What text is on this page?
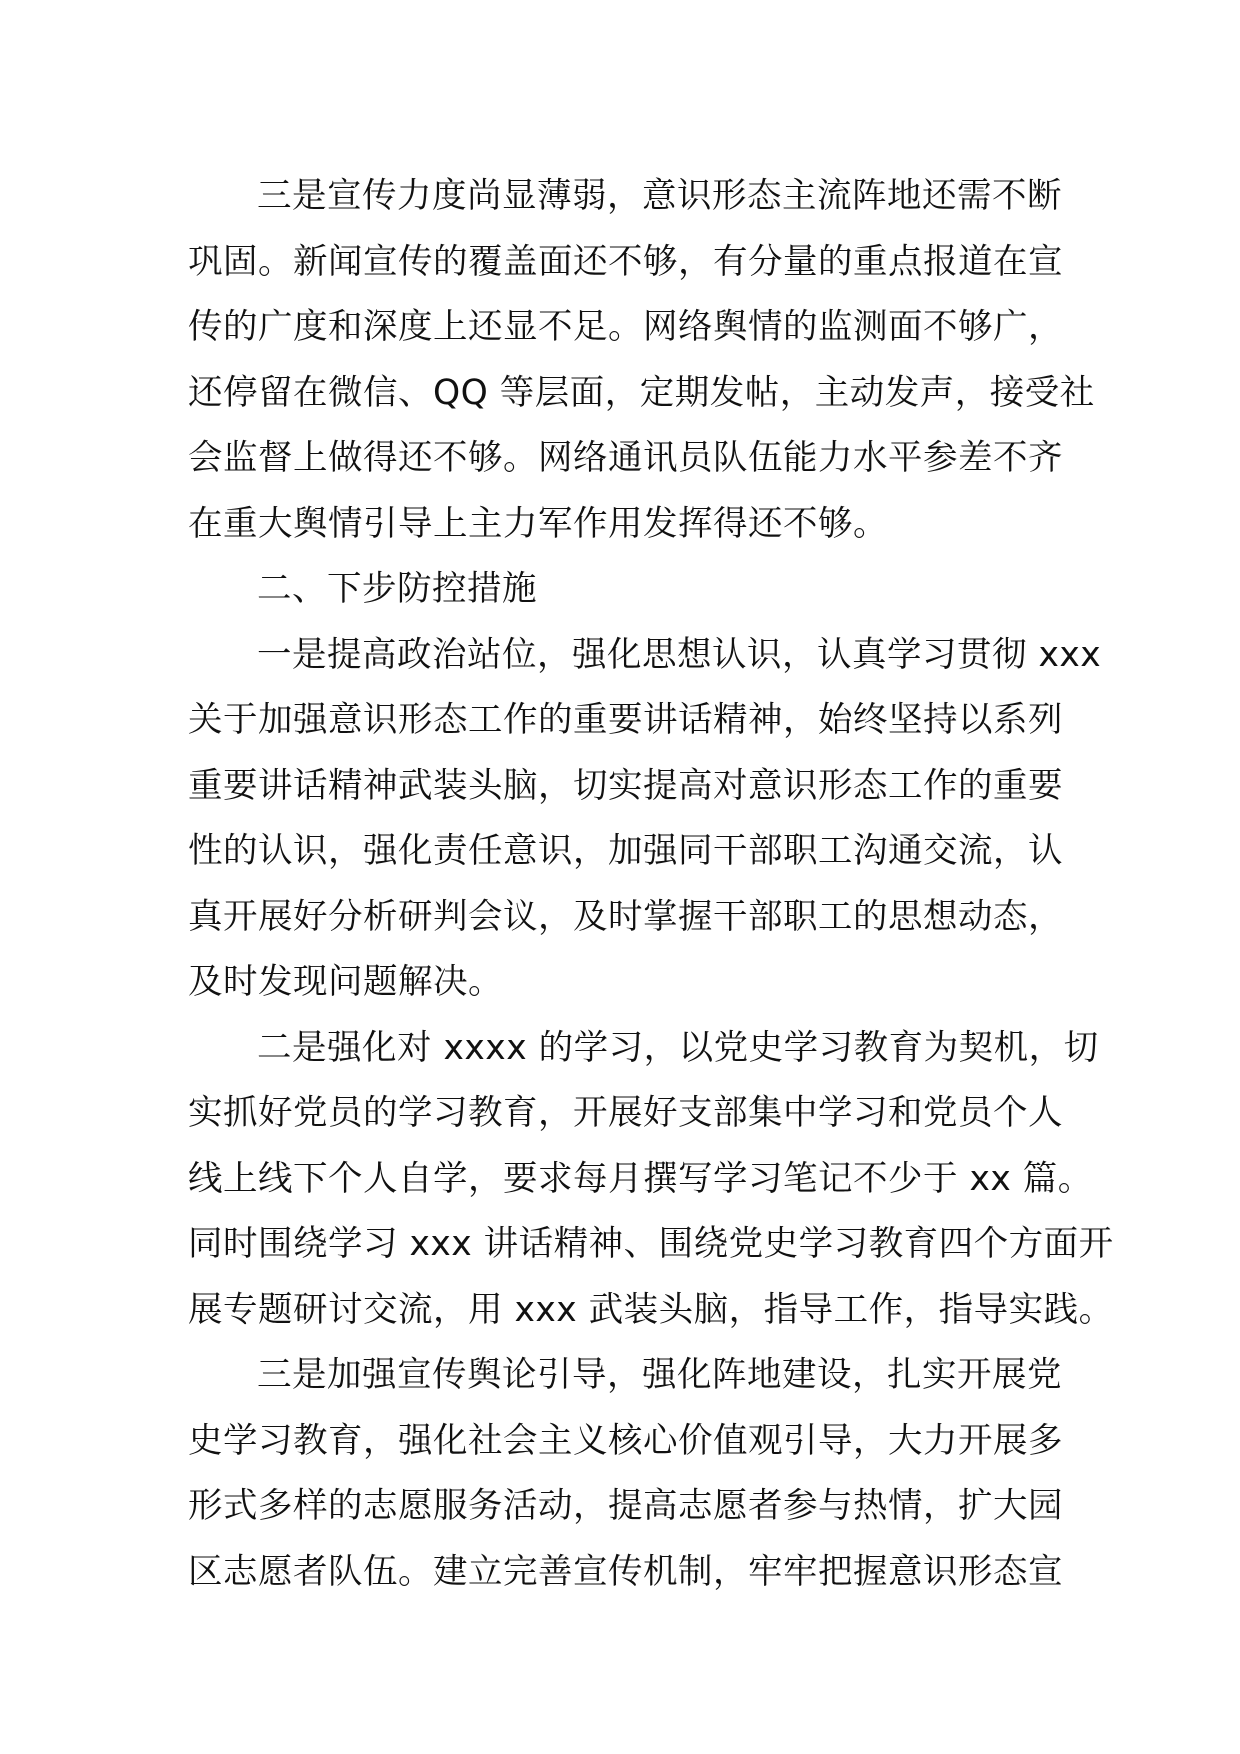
三是宣传力度尚显薄弱，意识形态主流阵地还需不断
巩固。新闻宣传的覆盖面还不够，有分量的重点报道在宣
传的广度和深度上还显不足。网络舆情的监测面不够广，
还停留在微信、QQ 等层面，定期发帖，主动发声，接受社
会监督上做得还不够。网络通讯员队伍能力水平参差不齐
在重大舆情引导上主力军作用发挥得还不够。
二、下步防控措施
一是提高政治站位，强化思想认识，认真学习贯彻 xxx
关于加强意识形态工作的重要讲话精神，始终坚持以系列
重要讲话精神武装头脑，切实提高对意识形态工作的重要
性的认识，强化责任意识，加强同干部职工沟通交流，认
真开展好分析研判会议，及时掌握干部职工的思想动态，
及时发现问题解决。
二是强化对 xxxx 的学习，以党史学习教育为契机，切
实抓好党员的学习教育，开展好支部集中学习和党员个人
线上线下个人自学，要求每月撰写学习笔记不少于 xx 篇。
同时围绕学习 xxx 讲话精神、围绕党史学习教育四个方面开
展专题研讨交流，用 xxx 武装头脑，指导工作，指导实践。
三是加强宣传舆论引导，强化阵地建设，扎实开展党
史学习教育，强化社会主义核心价值观引导，大力开展多
形式多样的志愿服务活动，提高志愿者参与热情，扩大园
区志愿者队伍。建立完善宣传机制，牢牢把握意识形态宣
